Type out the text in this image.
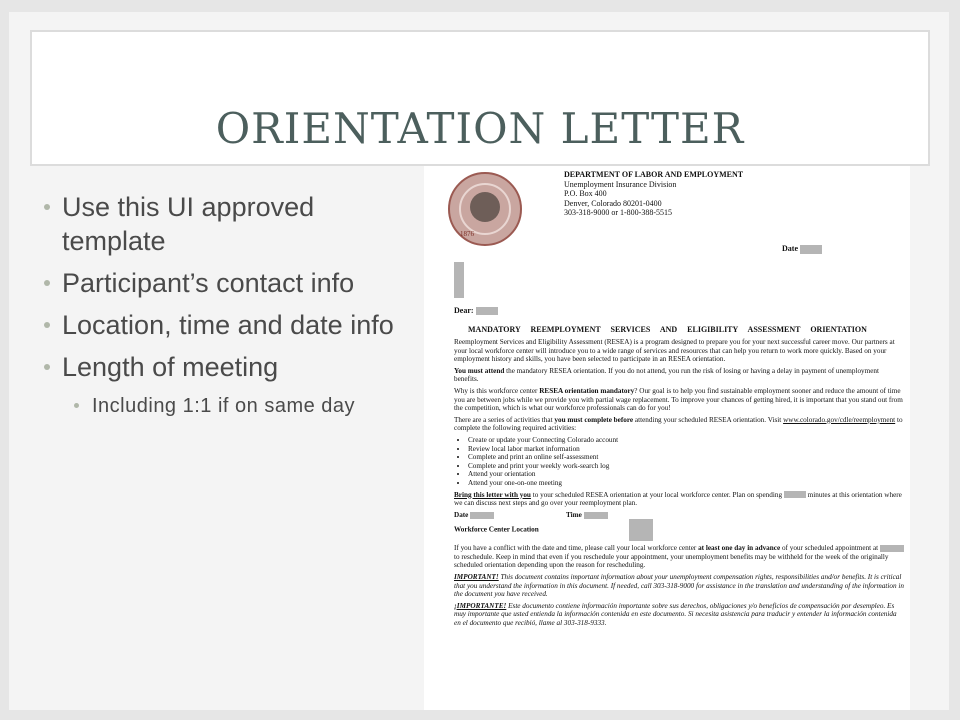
ORIENTATION LETTER
Use this UI approved template
Participant’s contact info
Location, time and date info
Length of meeting
Including 1:1 if on same day
1876
DEPARTMENT OF LABOR AND EMPLOYMENT
Unemployment Insurance Division
P.O. Box 400
Denver, Colorado 80201-0400
303-318-9000 or 1-800-388-5515
Date
Dear:
MANDATORY REEMPLOYMENT SERVICES AND ELIGIBILITY ASSESSMENT ORIENTATION

Reemployment Services and Eligibility Assessment (RESEA) is a program designed to prepare you for your next successful career move. Our partners at your local workforce center will introduce you to a wide range of services and resources that can help you return to work more quickly. Based on your employment history and skills, you have been selected to participate in an RESEA orientation.

You must attend the mandatory RESEA orientation. If you do not attend, you run the risk of losing or having a delay in payment of unemployment benefits.

Why is this workforce center RESEA orientation mandatory? Our goal is to help you find sustainable employment sooner and reduce the amount of time you are between jobs while we provide you with partial wage replacement. To improve your chances of getting hired, it is important that you stand out from the competition, which is what our workforce professionals can do for you!

There are a series of activities that you must complete before attending your scheduled RESEA orientation. Visit www.colorado.gov/cdle/reemployment to complete the following required activities:

• Create or update your Connecting Colorado account
• Review local labor market information
• Complete and print an online self-assessment
• Complete and print your weekly work-search log
• Attend your orientation
• Attend your one-on-one meeting

Bring this letter with you to your scheduled RESEA orientation at your local workforce center. Plan on spending	minutes at this orientation where we can discuss next steps and go over your reemployment plan.

Date	Time
Workforce Center Location

If you have a conflict with the date and time, please call your local workforce center at least one day in advance of your scheduled appointment at  to reschedule. Keep in mind that even if you reschedule your appointment, your unemployment benefits may be withheld for the week of the originally scheduled orientation depending upon the reason for rescheduling.

IMPORTANT! This document contains important information about your unemployment compensation rights, responsibilities and/or benefits. It is critical that you understand the information in this document. If needed, call 303-318-9000 for assistance in the translation and understanding of the information in the document you have received.

¡IMPORTANTE! Este documento contiene información importante sobre sus derechos, obligaciones y/o beneficios de compensación por desempleo. Es muy importante que usted entienda la información contenida en este documento. Si necesita asistencia para traducir y entender la información contenida en el documento que recibió, llame al 303-318-9333.
